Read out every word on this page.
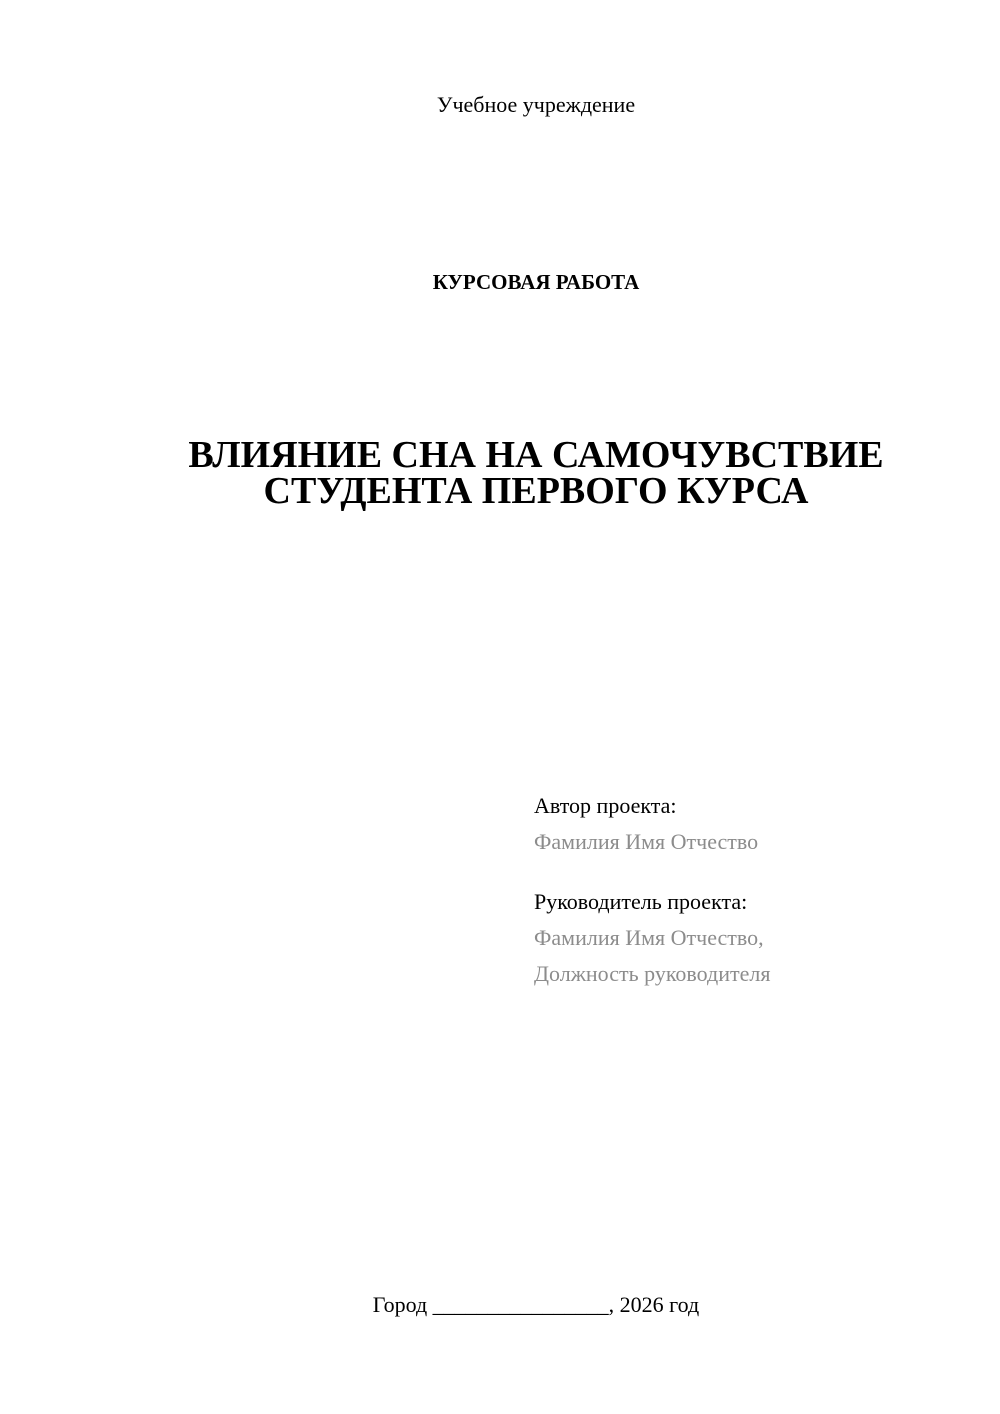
Учебное учреждение
КУРСОВАЯ РАБОТА
ВЛИЯНИЕ СНА НА САМОЧУВСТВИЕ
СТУДЕНТА ПЕРВОГО КУРСА
Автор проекта:
Фамилия Имя Отчество
Руководитель проекта:
Фамилия Имя Отчество,
Должность руководителя
Город ________________, 2026 год
